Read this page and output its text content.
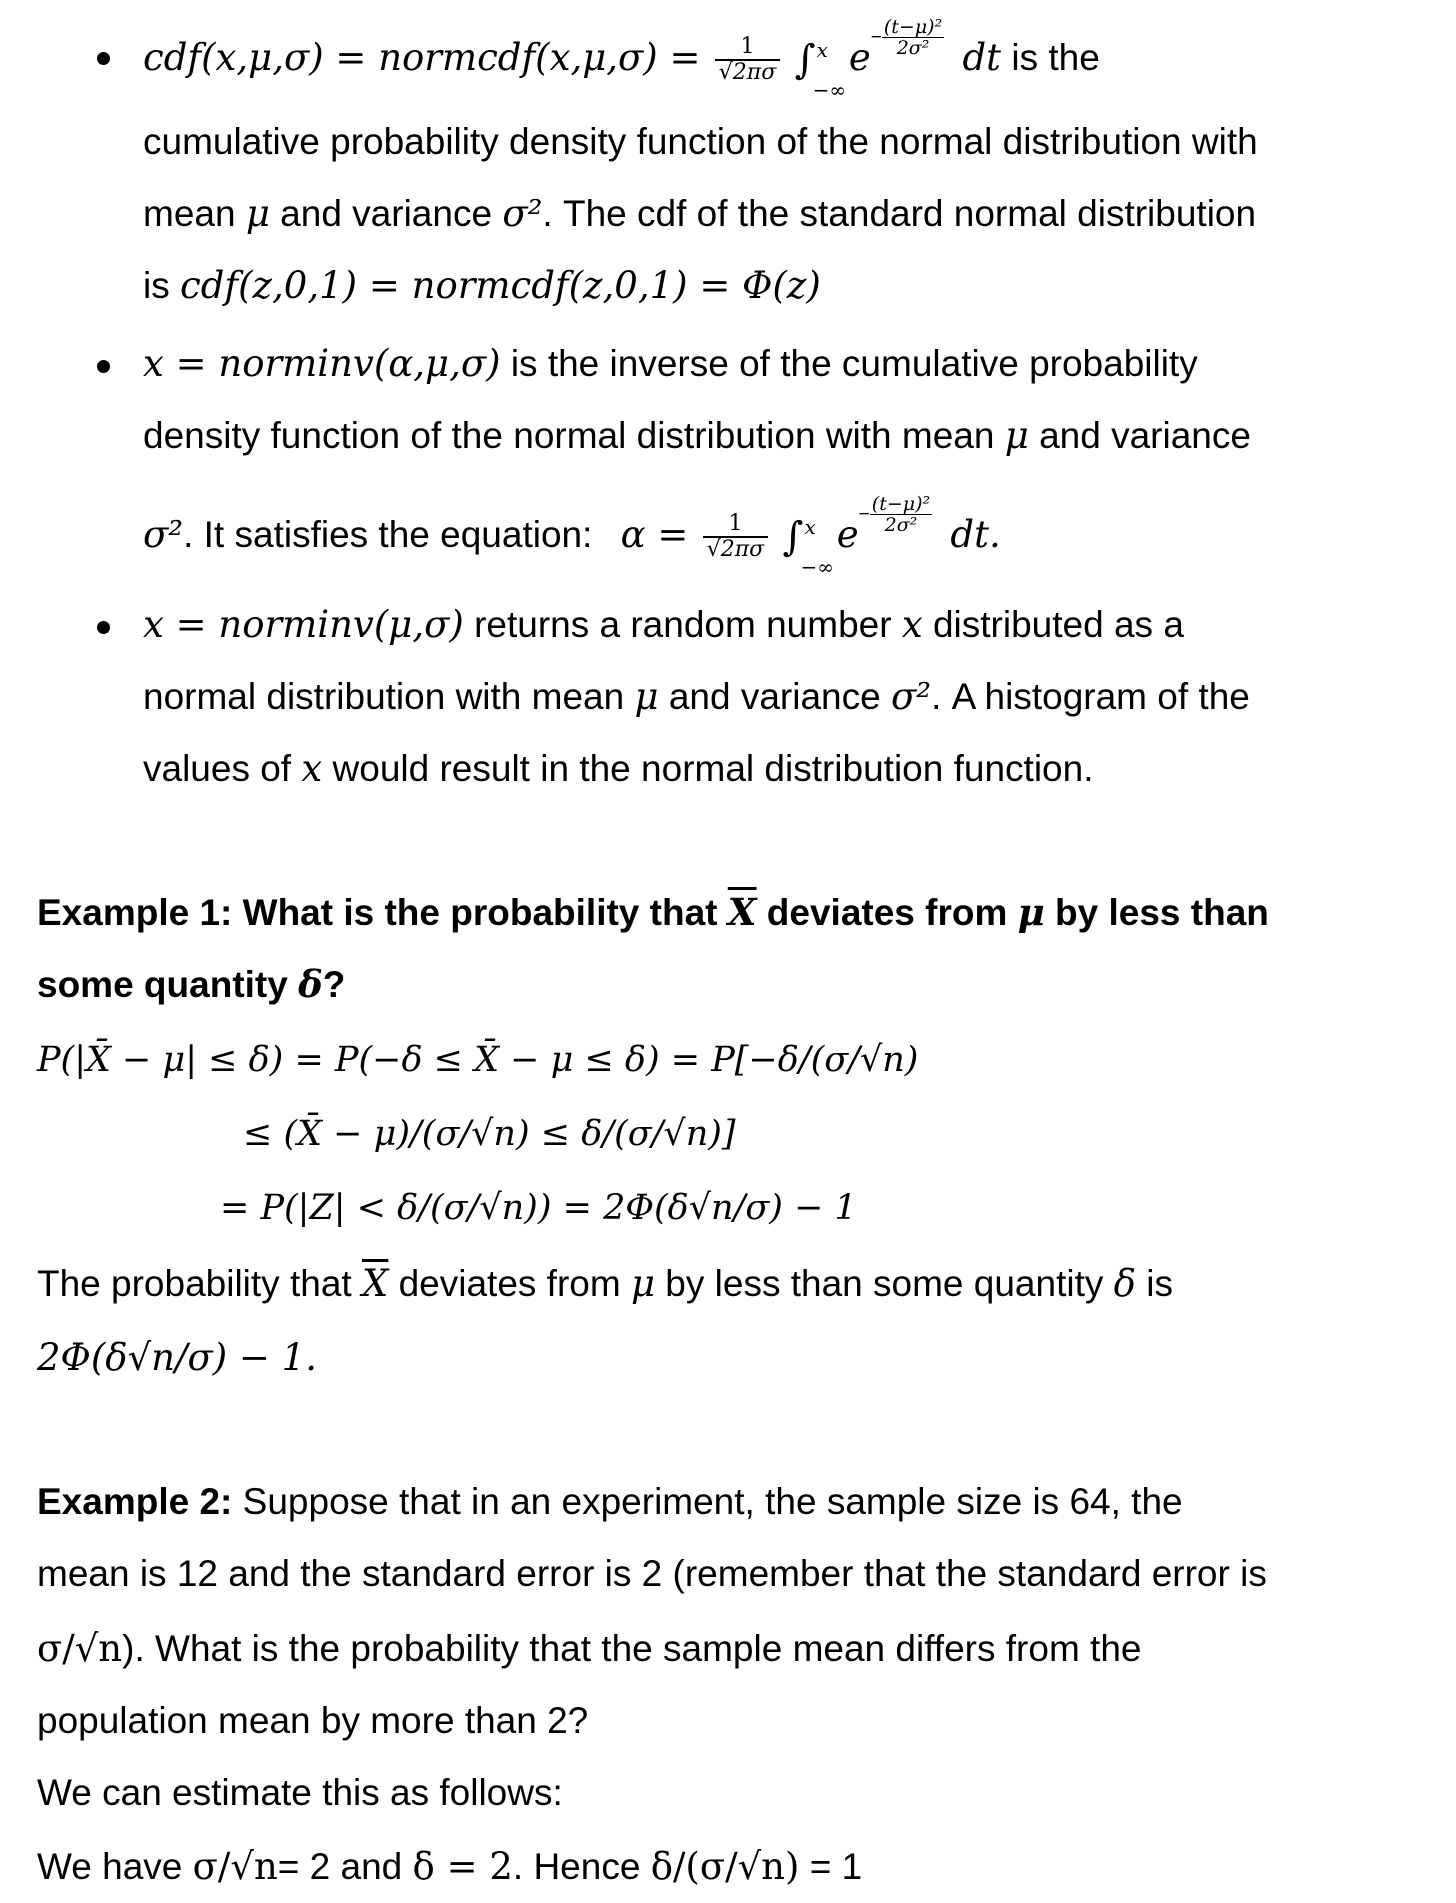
cdf(x,μ,σ) = normcdf(x,μ,σ) = $\frac{1}{√2\pi\sigma}$ ∫ x
−∞
$e- \frac{\text{(t−μ)²}}{\text{2σ²}}$ dt is the
cumulative probability density function of the normal distribution with
mean μ and variance σ². The cdf of the standard normal distribution
is cdf(z,0,1) = normcdf(z,0,1) = Φ(z)
x = norminv(α,μ,σ) is the inverse of the cumulative probability
density function of the normal distribution with mean μ and variance
σ². It satisfies the equation: $\alpha = \frac{1}{√2\pi\sigma}$ ∫ x
−∞
$e- \frac{\text{(t−μ)²}}{\text{2σ²}}$ dt.
x = norminv(μ,σ) returns a random number x distributed as a
normal distribution with mean μ and variance σ². A histogram of the
values of x would result in the normal distribution function.
Example 1: What is the probability that $\overline{X}$ deviates from μ by less than
some quantity δ?
P(|X̄ − μ| ≤ δ) = P(−δ ≤ X̄ − μ ≤ δ) = P[−δ/(σ/√n)
≤ (X̄ − μ)/(σ/√n) ≤ δ/(σ/√n)]
= P(|Z| < δ/(σ/√n)) = 2Φ(δ√n/σ) − 1
The probability that $\overline{X}$ deviates from μ by less than some quantity δ is
2Φ(δ√n/σ) − 1.
Example 2: Suppose that in an experiment, the sample size is 64, the
mean is 12 and the standard error is 2 (remember that the standard error is
σ/√n). What is the probability that the sample mean differs from the
population mean by more than 2?
We can estimate this as follows:
We have σ/√n= 2 and δ = 2. Hence δ/(σ/√n) = 1
